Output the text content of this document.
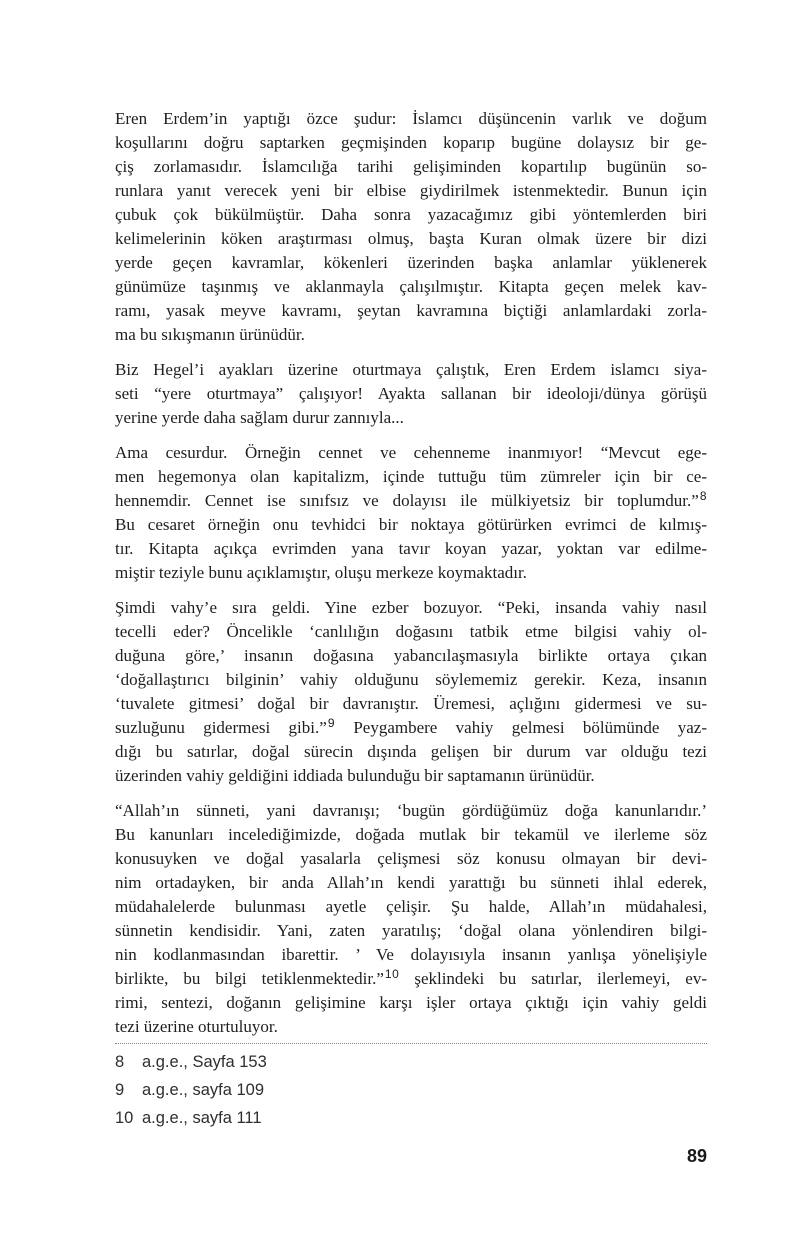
Eren Erdem’in yaptığı özce şudur: İslamcı düşüncenin varlık ve doğum
koşullarını doğru saptarken geçmişinden koparıp bugüne dolaysız bir ge-
çiş zorlamasıdır. İslamcılığa tarihi gelişiminden kopartılıp bugünün so-
runlara yanıt verecek yeni bir elbise giydirilmek istenmektedir. Bunun için
çubuk çok bükülmüştür. Daha sonra yazacağımız gibi yöntemlerden biri
kelimelerinin köken araştırması olmuş, başta Kuran olmak üzere bir dizi
yerde geçen kavramlar, kökenleri üzerinden başka anlamlar yüklenerek
günümüze taşınmış ve aklanmayla çalışılmıştır. Kitapta geçen melek kav-
ramı, yasak meyve kavramı, şeytan kavramına biçtiği anlamlardaki zorla-
ma bu sıkışmanın ürünüdür.

Biz Hegel’i ayakları üzerine oturtmaya çalıştık, Eren Erdem islamcı siya-
seti “yere oturtmaya” çalışıyor! Ayakta sallanan bir ideoloji/dünya görüşü
yerine yerde daha sağlam durur zannıyla...

Ama cesurdur. Örneğin cennet ve cehenneme inanmıyor! “Mevcut ege-
men hegemonya olan kapitalizm, içinde tuttuğu tüm zümreler için bir ce-
hennemdir. Cennet ise sınıfsız ve dolayısı ile mülkiyetsiz bir toplumdur.”$^8$
Bu cesaret örneğin onu tevhidci bir noktaya götürürken evrimci de kılmış-
tır. Kitapta açıkça evrimden yana tavır koyan yazar, yoktan var edilme-
miştir teziyle bunu açıklamıştır, oluşu merkeze koymaktadır.

Şimdi vahy’e sıra geldi. Yine ezber bozuyor. “Peki, insanda vahiy nasıl
tecelli eder? Öncelikle ‘canlılığın doğasını tatbik etme bilgisi vahiy ol-
duğuna göre,’ insanın doğasına yabancılaşmasıyla birlikte ortaya çıkan
‘doğallaştırıcı bilginin’ vahiy olduğunu söylememiz gerekir. Keza, insanın
‘tuvalete gitmesi’ doğal bir davranıştır. Üremesi, açlığını gidermesi ve su-
suzluğunu gidermesi gibi.”$^9$ Peygambere vahiy gelmesi bölümünde yaz-
dığı bu satırlar, doğal sürecin dışında gelişen bir durum var olduğu tezi
üzerinden vahiy geldiğini iddiada bulunduğu bir saptamanın ürünüdür.

“Allah’ın sünneti, yani davranışı; ‘bugün gördüğümüz doğa kanunlarıdır.’
Bu kanunları incelediğimizde, doğada mutlak bir tekamül ve ilerleme söz
konusuyken ve doğal yasalarla çelişmesi söz konusu olmayan bir devi-
nim ortadayken, bir anda Allah’ın kendi yarattığı bu sünneti ihlal ederek,
müdahalelerde bulunması ayetle çelişir. Şu halde, Allah’ın müdahalesi,
sünnetin kendisidir. Yani, zaten yaratılış; ‘doğal olana yönlendiren bilgi-
nin kodlanmasından ibarettir. ’ Ve dolayısıyla insanın yanlışa yönelişiyle
birlikte, bu bilgi tetiklenmektedir.”$^{10}$ şeklindeki bu satırlar, ilerlemeyi, ev-
rimi, sentezi, doğanın gelişimine karşı işler ortaya çıktığı için vahiy geldi
tezi üzerine oturtuluyor.

8	a.g.e., Sayfa 153
9	a.g.e., sayfa 109
10 a.g.e., sayfa 111
89
